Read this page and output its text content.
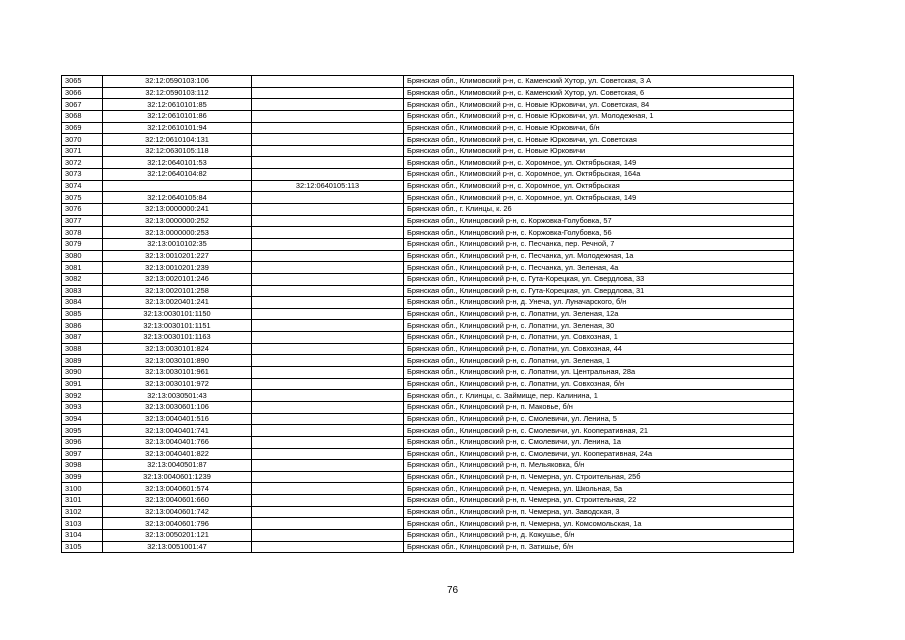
3065	32:12:0590103:106		Брянская обл., Климовский р-н, с. Каменский Хутор, ул. Советская, 3 А
3066	32:12:0590103:112		Брянская обл., Климовский р-н, с. Каменский Хутор, ул. Советская, 6
3067	32:12:0610101:85		Брянская обл., Климовский р-н, с. Новые Юрковичи, ул. Советская, 84
3068	32:12:0610101:86		Брянская обл., Климовский р-н, с. Новые Юрковичи, ул. Молодежная, 1
3069	32:12:0610101:94		Брянская обл., Климовский р-н, с. Новые Юрковичи, б/н
3070	32:12:0610104:131		Брянская обл., Климовский р-н, с. Новые Юрковичи, ул. Советская
3071	32:12:0630105:118		Брянская обл., Климовский р-н, с. Новые Юрковичи
3072	32:12:0640101:53		Брянская обл., Климовский р-н, с. Хоромное, ул. Октябрьская, 149
3073	32:12:0640104:82		Брянская обл., Климовский р-н, с. Хоромное, ул. Октябрьская, 164а
3074		32:12:0640105:113	Брянская обл., Климовский р-н, с. Хоромное, ул. Октябрьская
3075	32:12:0640105:84		Брянская обл., Климовский р-н, с. Хоромное, ул. Октябрьская, 149
3076	32:13:0000000:241		Брянская обл., г. Клинцы, к. 26
3077	32:13:0000000:252		Брянская обл., Клинцовский р-н, с. Коржовка-Голубовка, 57
3078	32:13:0000000:253		Брянская обл., Клинцовский р-н, с. Коржовка-Голубовка, 56
3079	32:13:0010102:35		Брянская обл., Клинцовский р-н, с. Песчанка, пер. Речной, 7
3080	32:13:0010201:227		Брянская обл., Клинцовский р-н, с. Песчанка, ул. Молодежная, 1а
3081	32:13:0010201:239		Брянская обл., Клинцовский р-н, с. Песчанка, ул. Зеленая, 4а
3082	32:13:0020101:246		Брянская обл., Клинцовский р-н, с. Гута-Корецкая, ул. Свердлова, 33
3083	32:13:0020101:258		Брянская обл., Клинцовский р-н, с. Гута-Корецкая, ул. Свердлова, 31
3084	32:13:0020401:241		Брянская обл., Клинцовский р-н, д. Унеча, ул. Луначарского, б/н
3085	32:13:0030101:1150		Брянская обл., Клинцовский р-н, с. Лопатни, ул. Зеленая, 12а
3086	32:13:0030101:1151		Брянская обл., Клинцовский р-н, с. Лопатни, ул. Зеленая, 30
3087	32:13:0030101:1163		Брянская обл., Клинцовский р-н, с. Лопатни, ул. Совхозная, 1
3088	32:13:0030101:824		Брянская обл., Клинцовский р-н, с. Лопатни, ул. Совхозная, 44
3089	32:13:0030101:890		Брянская обл., Клинцовский р-н, с. Лопатни, ул. Зеленая, 1
3090	32:13:0030101:961		Брянская обл., Клинцовский р-н, с. Лопатни, ул. Центральная, 28а
3091	32:13:0030101:972		Брянская обл., Клинцовский р-н, с. Лопатни, ул. Совхозная, б/н
3092	32:13:0030501:43		Брянская обл., г. Клинцы, с. Займище, пер. Калинина, 1
3093	32:13:0030601:106		Брянская обл., Клинцовский р-н, п. Маковье, б/н
3094	32:13:0040401:516		Брянская обл., Клинцовский р-н, с. Смолевичи, ул. Ленина, 5
3095	32:13:0040401:741		Брянская обл., Клинцовский р-н, с. Смолевичи, ул. Кооперативная, 21
3096	32:13:0040401:766		Брянская обл., Клинцовский р-н, с. Смолевичи, ул. Ленина, 1а
3097	32:13:0040401:822		Брянская обл., Клинцовский р-н, с. Смолевичи, ул. Кооперативная, 24а
3098	32:13:0040501:87		Брянская обл., Клинцовский р-н, п. Мельяковка, б/н
3099	32:13:0040601:1239		Брянская обл., Клинцовский р-н, п. Чемерна, ул. Строительная, 25б
3100	32:13:0040601:574		Брянская обл., Клинцовский р-н, п. Чемерна, ул. Школьная, 5а
3101	32:13:0040601:660		Брянская обл., Клинцовский р-н, п. Чемерна, ул. Строительная, 22
3102	32:13:0040601:742		Брянская обл., Клинцовский р-н, п. Чемерна, ул. Заводская, 3
3103	32:13:0040601:796		Брянская обл., Клинцовский р-н, п. Чемерна, ул. Комсомольская, 1а
3104	32:13:0050201:121		Брянская обл., Клинцовский р-н, д. Кожушье, б/н
3105	32:13:0051001:47		Брянская обл., Клинцовский р-н, п. Затишье, б/н
76
